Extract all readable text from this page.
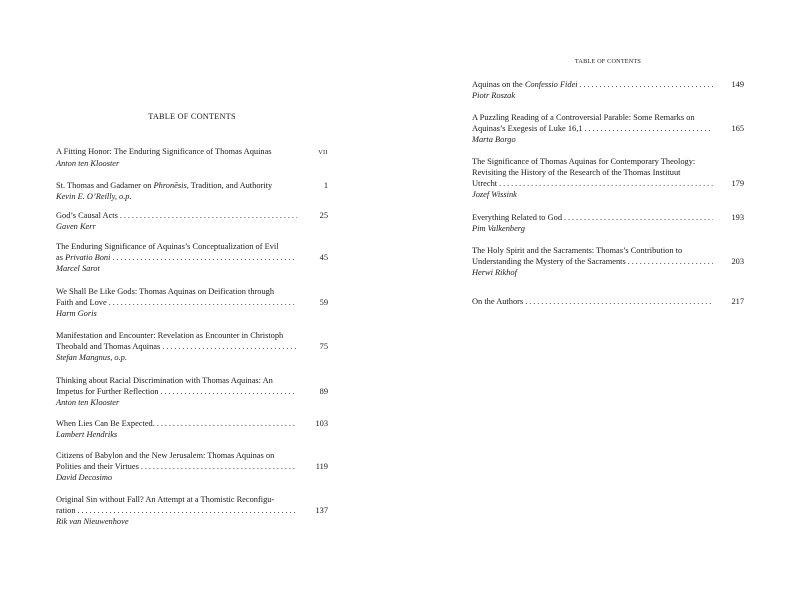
TABLE OF CONTENTS
A Fitting Honor: The Enduring Significance of Thomas Aquinas	VII
Anton ten Klooster
St. Thomas and Gadamer on Phronēsis, Tradition, and Authority	1
Kevin E. O’Reilly, o.p.
God’s Causal Acts . . .	25
Gaven Kerr
The Enduring Significance of Aquinas’s Conceptualization of Evil
as Privatio Boni . . .	45
Marcel Sarot
We Shall Be Like Gods: Thomas Aquinas on Deification through
Faith and Love . . .	59
Harm Goris
Manifestation and Encounter: Revelation as Encounter in Christoph
Theobald and Thomas Aquinas . . .	75
Stefan Mangnus, o.p.
Thinking about Racial Discrimination with Thomas Aquinas: An
Impetus for Further Reflection . . .	89
Anton ten Klooster
When Lies Can Be Expected. . . .	103
Lambert Hendriks
Citizens of Babylon and the New Jerusalem: Thomas Aquinas on
Polities and their Virtues . . .	119
David Decosimo
Original Sin without Fall? An Attempt at a Thomistic Reconfigu-
ration . . .	137
Rik van Nieuwenhove
TABLE OF CONTENTS
Aquinas on the Confessio Fidei . . .	149
Piotr Roszak
A Puzzling Reading of a Controversial Parable: Some Remarks on
Aquinas’s Exegesis of Luke 16,1 . . .	165
Marta Borgo
The Significance of Thomas Aquinas for Contemporary Theology:
Revisiting the History of the Research of the Thomas Instituut
Utrecht . . .	179
Jozef Wissink
Everything Related to God . . .	193
Pim Valkenberg
The Holy Spirit and the Sacraments: Thomas’s Contribution to
Understanding the Mystery of the Sacraments . . .	203
Herwi Rikhof
On the Authors . . .	217
